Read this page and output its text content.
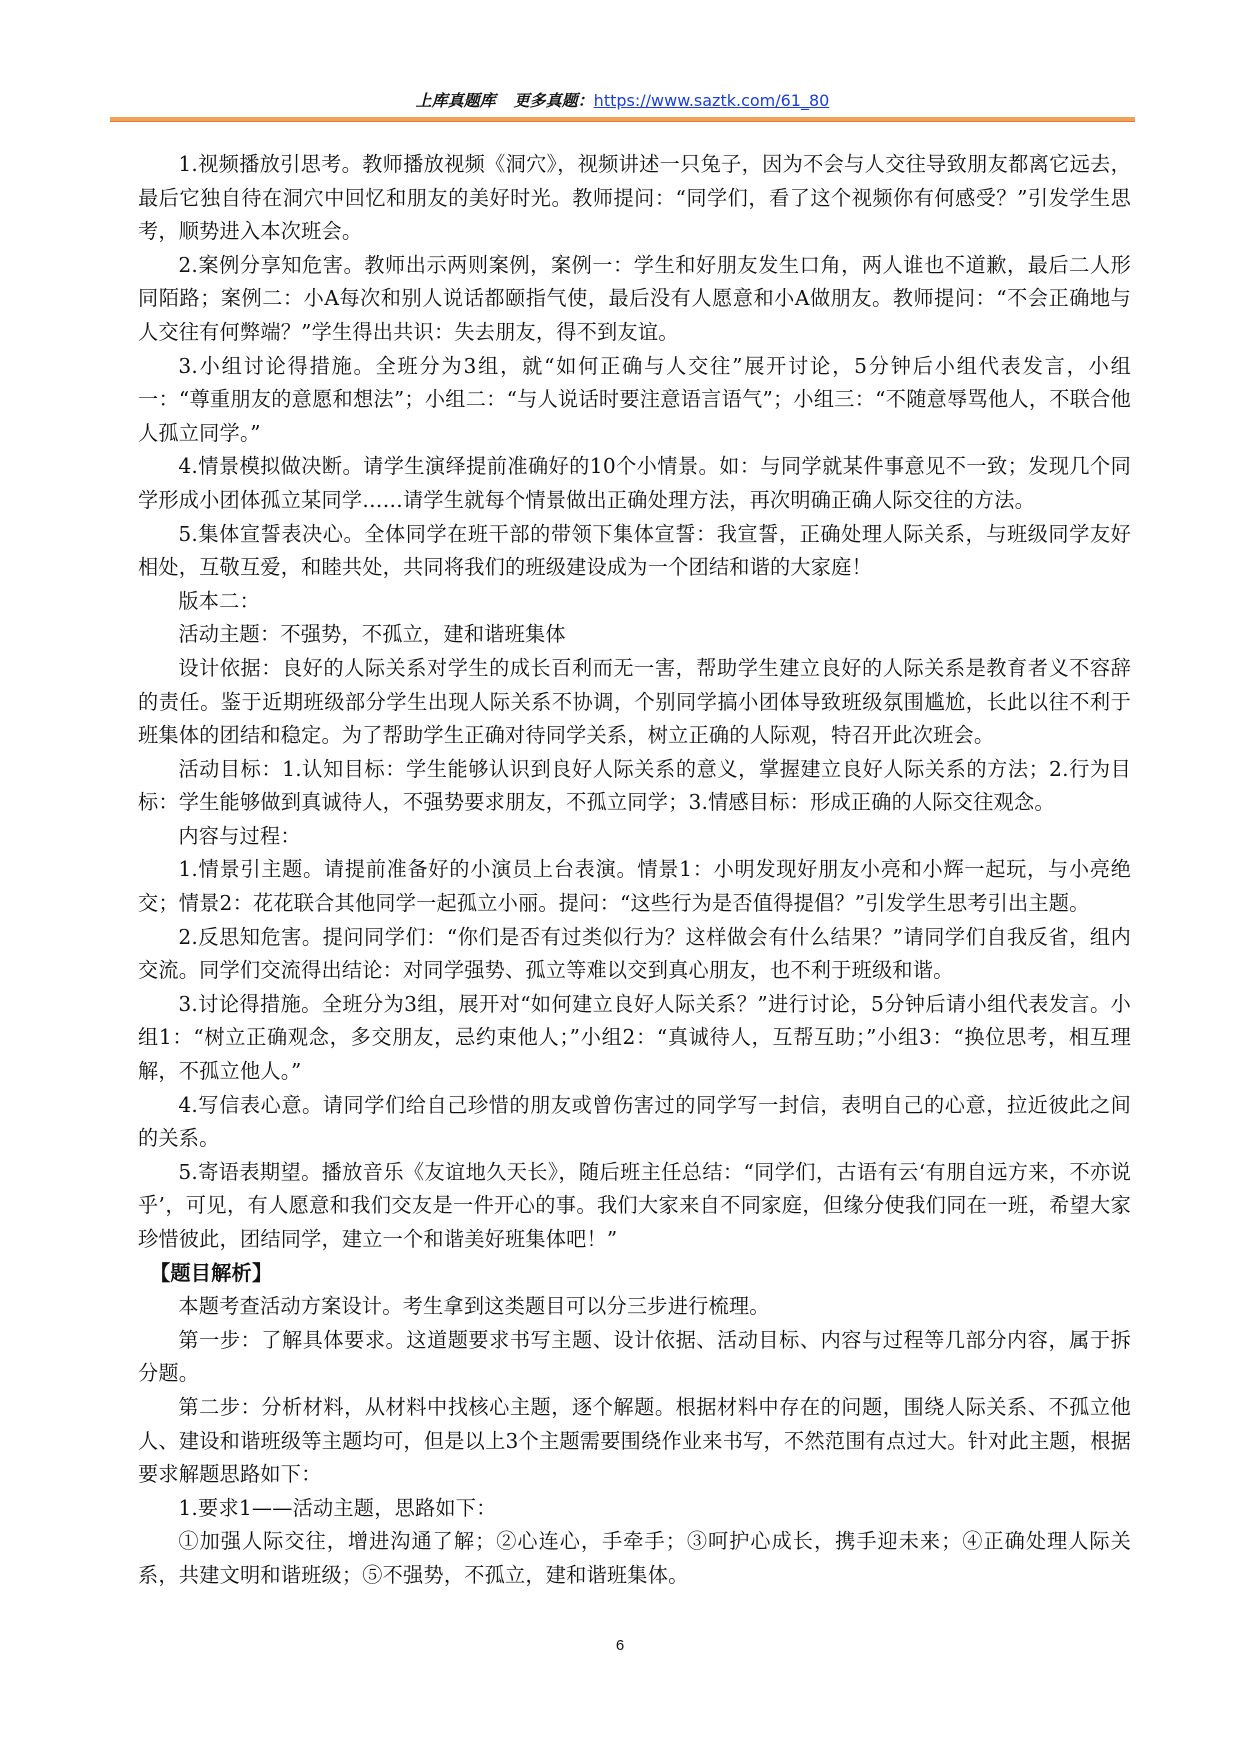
上库真题库 更多真题：https://www.saztk.com/61_80

1.视频播放引思考。教师播放视频《洞穴》，视频讲述一只兔子，因为不会与人交往导致朋友都离它远去，最后它独自待在洞穴中回忆和朋友的美好时光。教师提问：“同学们，看了这个视频你有何感受？”引发学生思考，顺势进入本次班会。

2.案例分享知危害。教师出示两则案例，案例一：学生和好朋友发生口角，两人谁也不道歉，最后二人形同陌路；案例二：小A每次和别人说话都颐指气使，最后没有人愿意和小A做朋友。教师提问：“不会正确地与人交往有何弊端？”学生得出共识：失去朋友，得不到友谊。

3.小组讨论得措施。全班分为3组，就“如何正确与人交往”展开讨论，5分钟后小组代表发言，小组一：“尊重朋友的意愿和想法”；小组二：“与人说话时要注意语言语气”；小组三：“不随意辱骂他人，不联合他人孤立同学。”

4.情景模拟做决断。请学生演绎提前准确好的10个小情景。如：与同学就某件事意见不一致；发现几个同学形成小团体孤立某同学……请学生就每个情景做出正确处理方法，再次明确正确人际交往的方法。

5.集体宣誓表决心。全体同学在班干部的带领下集体宣誓：我宣誓，正确处理人际关系，与班级同学友好相处，互敬互爱，和睦共处，共同将我们的班级建设成为一个团结和谐的大家庭！

版本二：

活动主题：不强势，不孤立，建和谐班集体

设计依据：良好的人际关系对学生的成长百利而无一害，帮助学生建立良好的人际关系是教育者义不容辞的责任。鉴于近期班级部分学生出现人际关系不协调，个别同学搞小团体导致班级氛围尴尬，长此以往不利于班集体的团结和稳定。为了帮助学生正确对待同学关系，树立正确的人际观，特召开此次班会。

活动目标：1.认知目标：学生能够认识到良好人际关系的意义，掌握建立良好人际关系的方法；2.行为目标：学生能够做到真诚待人，不强势要求朋友，不孤立同学；3.情感目标：形成正确的人际交往观念。

内容与过程：

1.情景引主题。请提前准备好的小演员上台表演。情景1：小明发现好朋友小亮和小辉一起玩，与小亮绝交；情景2：花花联合其他同学一起孤立小丽。提问：“这些行为是否值得提倡？”引发学生思考引出主题。

2.反思知危害。提问同学们：“你们是否有过类似行为？这样做会有什么结果？”请同学们自我反省，组内交流。同学们交流得出结论：对同学强势、孤立等难以交到真心朋友，也不利于班级和谐。

3.讨论得措施。全班分为3组，展开对“如何建立良好人际关系？”进行讨论，5分钟后请小组代表发言。小组1：“树立正确观念，多交朋友，忌约束他人；”小组2：“真诚待人，互帮互助；”小组3：“换位思考，相互理解，不孤立他人。”

4.写信表心意。请同学们给自己珍惜的朋友或曾伤害过的同学写一封信，表明自己的心意，拉近彼此之间的关系。

5.寄语表期望。播放音乐《友谊地久天长》，随后班主任总结：“同学们，古语有云‘有朋自远方来，不亦说乎’，可见，有人愿意和我们交友是一件开心的事。我们大家来自不同家庭，但缘分使我们同在一班，希望大家珍惜彼此，团结同学，建立一个和谐美好班集体吧！”

【题目解析】

本题考查活动方案设计。考生拿到这类题目可以分三步进行梳理。

第一步：了解具体要求。这道题要求书写主题、设计依据、活动目标、内容与过程等几部分内容，属于拆分题。

第二步：分析材料，从材料中找核心主题，逐个解题。根据材料中存在的问题，围绕人际关系、不孤立他人、建设和谐班级等主题均可，但是以上3个主题需要围绕作业来书写，不然范围有点过大。针对此主题，根据要求解题思路如下：

1.要求1——活动主题，思路如下：

①加强人际交往，增进沟通了解；②心连心，手牵手；③呵护心成长，携手迎未来；④正确处理人际关系，共建文明和谐班级；⑤不强势，不孤立，建和谐班集体。

6
